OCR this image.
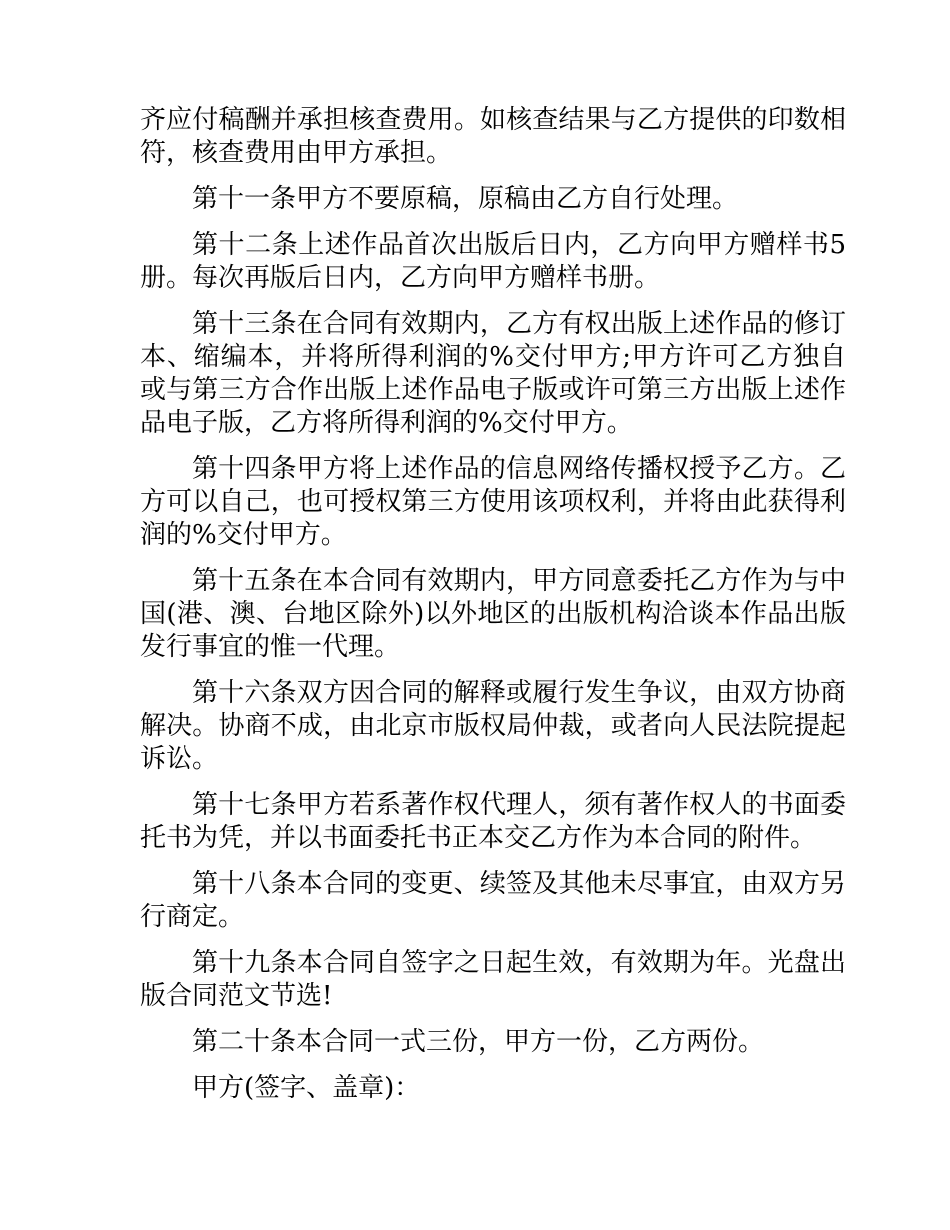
齐应付稿酬并承担核查费用。如核查结果与乙方提供的印数相符，核查费用由甲方承担。

第十一条甲方不要原稿，原稿由乙方自行处理。

第十二条上述作品首次出版后日内，乙方向甲方赠样书5册。每次再版后日内，乙方向甲方赠样书册。

第十三条在合同有效期内，乙方有权出版上述作品的修订本、缩编本，并将所得利润的%交付甲方;甲方许可乙方独自或与第三方合作出版上述作品电子版或许可第三方出版上述作品电子版，乙方将所得利润的%交付甲方。

第十四条甲方将上述作品的信息网络传播权授予乙方。乙方可以自己，也可授权第三方使用该项权利，并将由此获得利润的%交付甲方。

第十五条在本合同有效期内，甲方同意委托乙方作为与中国(港、澳、台地区除外)以外地区的出版机构洽谈本作品出版发行事宜的惟一代理。

第十六条双方因合同的解释或履行发生争议，由双方协商解决。协商不成，由北京市版权局仲裁，或者向人民法院提起诉讼。

第十七条甲方若系著作权代理人，须有著作权人的书面委托书为凭，并以书面委托书正本交乙方作为本合同的附件。

第十八条本合同的变更、续签及其他未尽事宜，由双方另行商定。

第十九条本合同自签字之日起生效，有效期为年。光盘出版合同范文节选!

第二十条本合同一式三份，甲方一份，乙方两份。

甲方(签字、盖章)：
